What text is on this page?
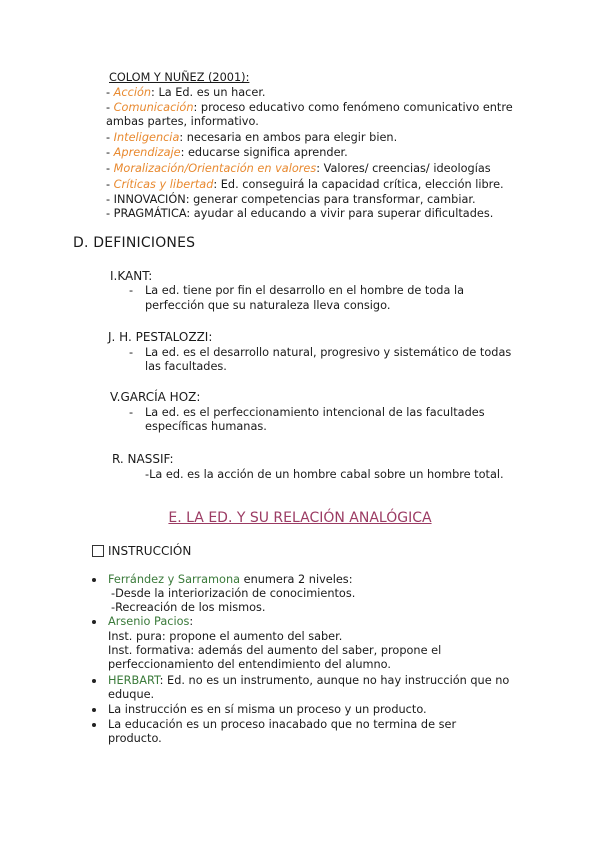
COLOM Y NUÑEZ (2001):
- Acción: La Ed. es un hacer.
- Comunicación: proceso educativo como fenómeno comunicativo entre
ambas partes, informativo.
- Inteligencia: necesaria en ambos para elegir bien.
- Aprendizaje: educarse significa aprender.
- Moralización/Orientación en valores: Valores/ creencias/ ideologías
- Críticas y libertad: Ed. conseguirá la capacidad crítica, elección libre.
- INNOVACIÓN: generar competencias para transformar, cambiar.
- PRAGMÁTICA: ayudar al educando a vivir para superar dificultades.
D. DEFINICIONES
I.KANT:
- La ed. tiene por fin el desarrollo en el hombre de toda la
perfección que su naturaleza lleva consigo.
J. H. PESTALOZZI:
- La ed. es el desarrollo natural, progresivo y sistemático de todas
las facultades.
V.GARCÍA HOZ:
- La ed. es el perfeccionamiento intencional de las facultades
específicas humanas.
R. NASSIF:
-La ed. es la acción de un hombre cabal sobre un hombre total.
E. LA ED. Y SU RELACIÓN ANALÓGICA
INSTRUCCIÓN
Ferrández y Sarramona enumera 2 niveles:
-Desde la interiorización de conocimientos.
-Recreación de los mismos.
Arsenio Pacios:
Inst. pura: propone el aumento del saber.
Inst. formativa: además del aumento del saber, propone el
perfeccionamiento del entendimiento del alumno.
HERBART: Ed. no es un instrumento, aunque no hay instrucción que no
eduque.
La instrucción es en sí misma un proceso y un producto.
La educación es un proceso inacabado que no termina de ser
producto.
